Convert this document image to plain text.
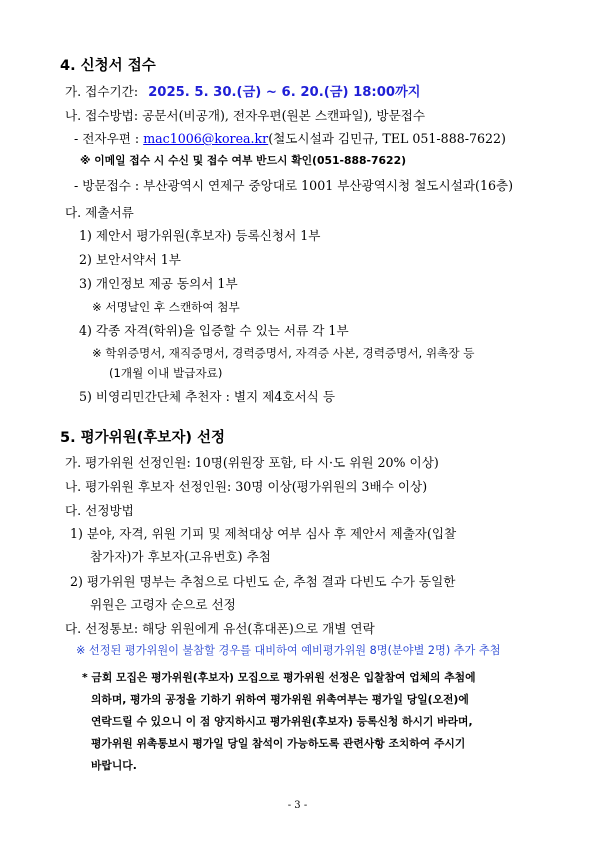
4. 신청서 접수
가. 접수기간: 2025. 5. 30.(금) ~ 6. 20.(금) 18:00까지
나. 접수방법: 공문서(비공개), 전자우편(원본 스캔파일), 방문접수
- 전자우편 : mac1006@korea.kr(철도시설과 김민규, TEL 051-888-7622)
※ 이메일 접수 시 수신 및 접수 여부 반드시 확인(051-888-7622)
- 방문접수 : 부산광역시 연제구 중앙대로 1001 부산광역시청 철도시설과(16층)
다. 제출서류
1) 제안서 평가위원(후보자) 등록신청서 1부
2) 보안서약서 1부
3) 개인정보 제공 동의서 1부
※ 서명날인 후 스캔하여 첨부
4) 각종 자격(학위)을 입증할 수 있는 서류 각 1부
※ 학위증명서, 재직증명서, 경력증명서, 자격증 사본, 경력증명서, 위촉장 등
(1개월 이내 발급자료)
5) 비영리민간단체 추천자 : 별지 제4호서식 등
5. 평가위원(후보자) 선정
가. 평가위원 선정인원: 10명(위원장 포함, 타 시·도 위원 20% 이상)
나. 평가위원 후보자 선정인원: 30명 이상(평가위원의 3배수 이상)
다. 선정방법
1) 분야, 자격, 위원 기피 및 제척대상 여부 심사 후 제안서 제출자(입찰
참가자)가 후보자(고유번호) 추첨
2) 평가위원 명부는 추첨으로 다빈도 순, 추첨 결과 다빈도 수가 동일한
위원은 고령자 순으로 선정
다. 선정통보: 해당 위원에게 유선(휴대폰)으로 개별 연락
※ 선정된 평가위원이 불참할 경우를 대비하여 예비평가위원 8명(분야별 2명) 추가 추첨
* 금회 모집은 평가위원(후보자) 모집으로 평가위원 선정은 입찰참여 업체의 추첨에
의하며, 평가의 공정을 기하기 위하여 평가위원 위촉여부는 평가일 당일(오전)에
연락드릴 수 있으니 이 점 양지하시고 평가위원(후보자) 등록신청 하시기 바라며,
평가위원 위촉통보시 평가일 당일 참석이 가능하도록 관련사항 조치하여 주시기
바랍니다.
- 3 -
